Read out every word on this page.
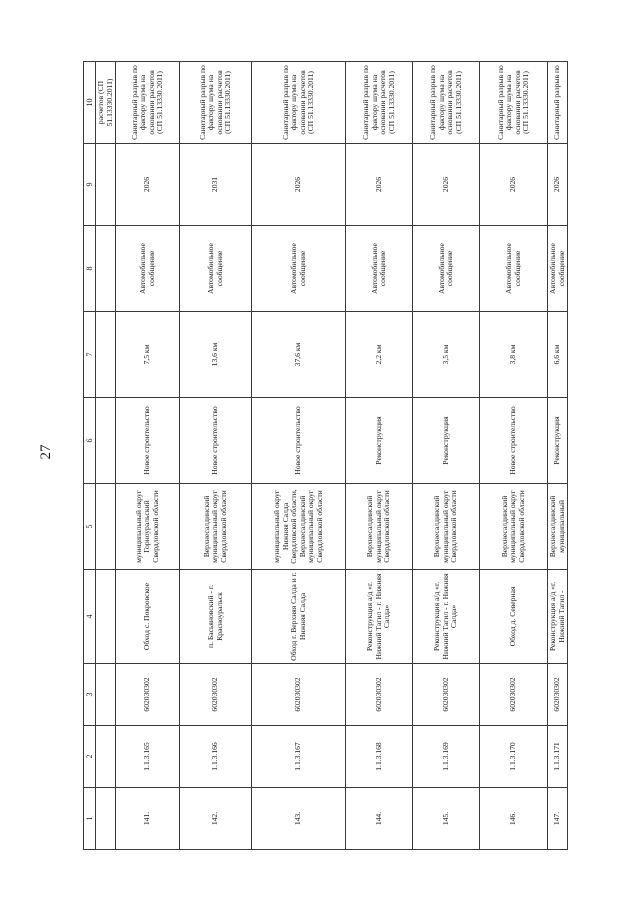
27
1	2	3	4	5	6	7	8	9	10
									расчетов (СП 51.13330.2011)
141.	1.1.3.165	602030302	Обход с. Покровское	муниципальный округ Горноуральский Свердловской области	Новое строительство	7,5 км	Автомобильное сообщение	2026	Санитарный разрыв по фактору шума на основании расчетов (СП 51.13330.2011)
142.	1.1.3.166	602030302	п. Басьяновский - г. Красноуральск	Верхнесалдинский муниципальный округ Свердловской области	Новое строительство	13,6 км	Автомобильное сообщение	2031	Санитарный разрыв по фактору шума на основании расчетов (СП 51.13330.2011)
143.	1.1.3.167	602030302	Обход г. Верхняя Салда и г. Нижняя Салда	муниципальный округ Нижняя Салда Свердловской области, Верхнесалдинский муниципальный округ Свердловской области	Новое строительство	37,6 км	Автомобильное сообщение	2026	Санитарный разрыв по фактору шума на основании расчетов (СП 51.13330.2011)
144.	1.1.3.168	602030302	Реконструкция а/д «г. Нижний Тагил - г. Нижняя Салда»	Верхнесалдинский муниципальный округ Свердловской области	Реконструкция	2,2 км	Автомобильное сообщение	2026	Санитарный разрыв по фактору шума на основании расчетов (СП 51.13330.2011)
145.	1.1.3.169	602030302	Реконструкция а/д «г. Нижний Тагил - г. Нижняя Салда»	Верхнесалдинский муниципальный округ Свердловской области	Реконструкция	3,5 км	Автомобильное сообщение	2026	Санитарный разрыв по фактору шума на основании расчетов (СП 51.13330.2011)
146.	1.1.3.170	602030302	Обход д. Северная	Верхнесалдинский муниципальный округ Свердловской области	Новое строительство	3,8 км	Автомобильное сообщение	2026	Санитарный разрыв по фактору шума на основании расчетов (СП 51.13330.2011)
147.	1.1.3.171	602030302	Реконструкция а/д «г. Нижний Тагил -	Верхнесалдинский муниципальный	Реконструкция	6,6 км	Автомобильное сообщение	2026	Санитарный разрыв по
